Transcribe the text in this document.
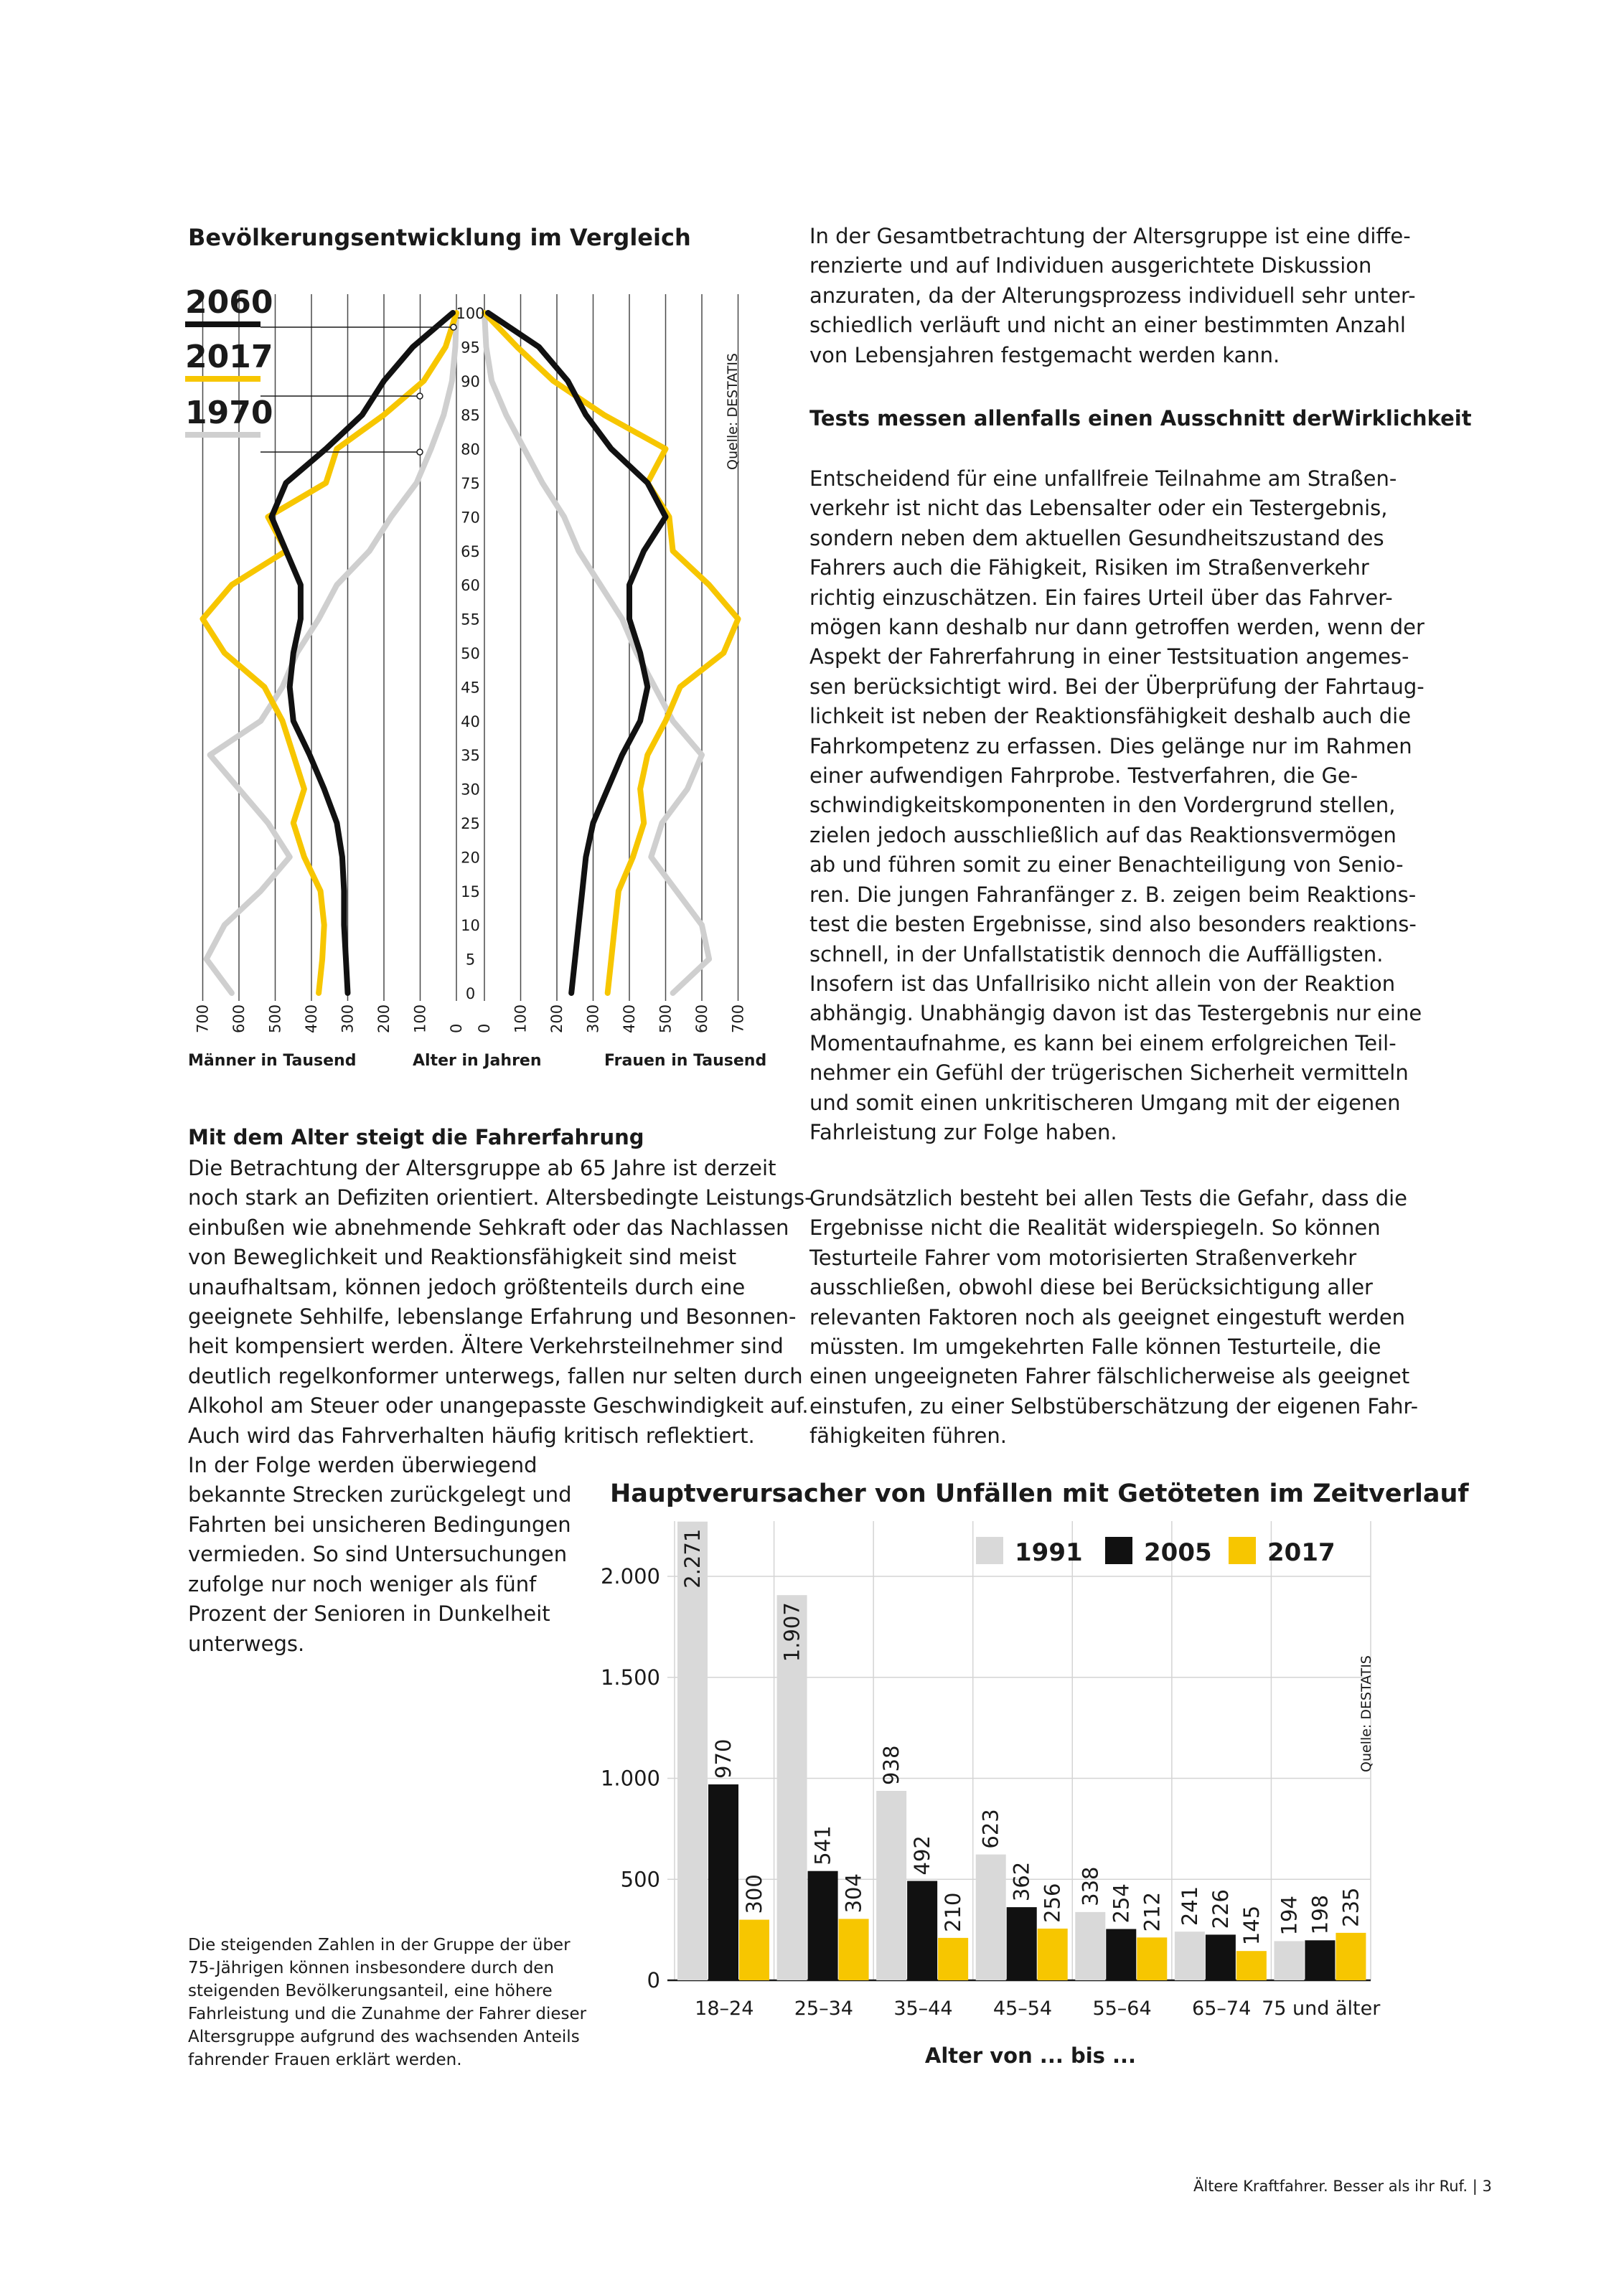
Bevölkerungsentwicklung im Vergleich
100
95
90
85
80
75
70
65
60
55
50
45
40
35
30
25
20
15
10
5
0
700 600 500 400 300 200 100 0 0 100 200 300 400 500 600 700
2060
2017
1970	Quelle: DESTATIS
Männer in Tausend	Alter in Jahren	Frauen in Tausend
Mit dem Alter steigt die Fahrerfahrung
Die Betrachtung der Altersgruppe ab 65 Jahre ist derzeit
noch stark an Defiziten orientiert. Altersbedingte Leistungs-
einbußen wie abnehmende Sehkraft oder das Nachlassen
von Beweglichkeit und Reaktionsfähigkeit sind meist
unaufhaltsam, können jedoch größtenteils durch eine
geeignete Sehhilfe, lebenslange Erfahrung und Besonnen-
heit kompensiert werden. Ältere Verkehrsteilnehmer sind
deutlich regelkonformer unterwegs, fallen nur selten durch
Alkohol am Steuer oder unangepasste Geschwindigkeit auf.
Auch wird das Fahrverhalten häufig kritisch reflektiert.
In der Folge werden überwiegend
bekannte Strecken zurückgelegt und
Fahrten bei unsicheren Bedingungen
vermieden. So sind Untersuchungen
zufolge nur noch weniger als fünf
Prozent der Senioren in Dunkelheit
unterwegs.
Die steigenden Zahlen in der Gruppe der über
75-Jährigen können insbesondere durch den
steigenden Bevölkerungsanteil, eine höhere
Fahrleistung und die Zunahme der Fahrer dieser
Altersgruppe aufgrund des wachsenden Anteils
fahrender Frauen erklärt werden.
In der Gesamtbetrachtung der Altersgruppe ist eine diffe-
renzierte und auf Individuen ausgerichtete Diskussion
anzuraten, da der Alterungsprozess individuell sehr unter-
schiedlich verläuft und nicht an einer bestimmten Anzahl
von Lebensjahren festgemacht werden kann.
Tests messen allenfalls einen Ausschnitt derWirklichkeit
Entscheidend für eine unfallfreie Teilnahme am Straßen-
verkehr ist nicht das Lebensalter oder ein Testergebnis,
sondern neben dem aktuellen Gesundheitszustand des
Fahrers auch die Fähigkeit, Risiken im Straßenverkehr
richtig einzuschätzen. Ein faires Urteil über das Fahrver-
mögen kann deshalb nur dann getroffen werden, wenn der
Aspekt der Fahrerfahrung in einer Testsituation angemes-
sen berücksichtigt wird. Bei der Überprüfung der Fahrtaug-
lichkeit ist neben der Reaktionsfähigkeit deshalb auch die
Fahrkompetenz zu erfassen. Dies gelänge nur im Rahmen
einer aufwendigen Fahrprobe. Testverfahren, die Ge-
schwindigkeitskomponenten in den Vordergrund stellen,
zielen jedoch ausschließlich auf das Reaktionsvermögen
ab und führen somit zu einer Benachteiligung von Senio-
ren. Die jungen Fahranfänger z. B. zeigen beim Reaktions-
test die besten Ergebnisse, sind also besonders reaktions-
schnell, in der Unfallstatistik dennoch die Auffälligsten.
Insofern ist das Unfallrisiko nicht allein von der Reaktion
abhängig. Unabhängig davon ist das Testergebnis nur eine
Momentaufnahme, es kann bei einem erfolgreichen Teil-
nehmer ein Gefühl der trügerischen Sicherheit vermitteln
und somit einen unkritischeren Umgang mit der eigenen
Fahrleistung zur Folge haben.
Grundsätzlich besteht bei allen Tests die Gefahr, dass die
Ergebnisse nicht die Realität widerspiegeln. So können
Testurteile Fahrer vom motorisierten Straßenverkehr
ausschließen, obwohl diese bei Berücksichtigung aller
relevanten Faktoren noch als geeignet eingestuft werden
müssten. Im umgekehrten Falle können Testurteile, die
einen ungeeigneten Fahrer fälschlicherweise als geeignet
einstufen, zu einer Selbstüberschätzung der eigenen Fahr-
fähigkeiten führen.
Hauptverursacher von Unfällen mit Getöteten im Zeitverlauf
0
500
1.000
1.500
2.000 2.271
970
300
1.907
541
304
938
492
210
623
362
256 338 254 212 241 226 145 194 198 235
18–24 25–34 35–44 45–54 55–64 65–74 75 und älter
1991	2005 2017
Quelle: DESTATIS
Alter von ... bis ...
Ältere Kraftfahrer. Besser als ihr Ruf. | 3
